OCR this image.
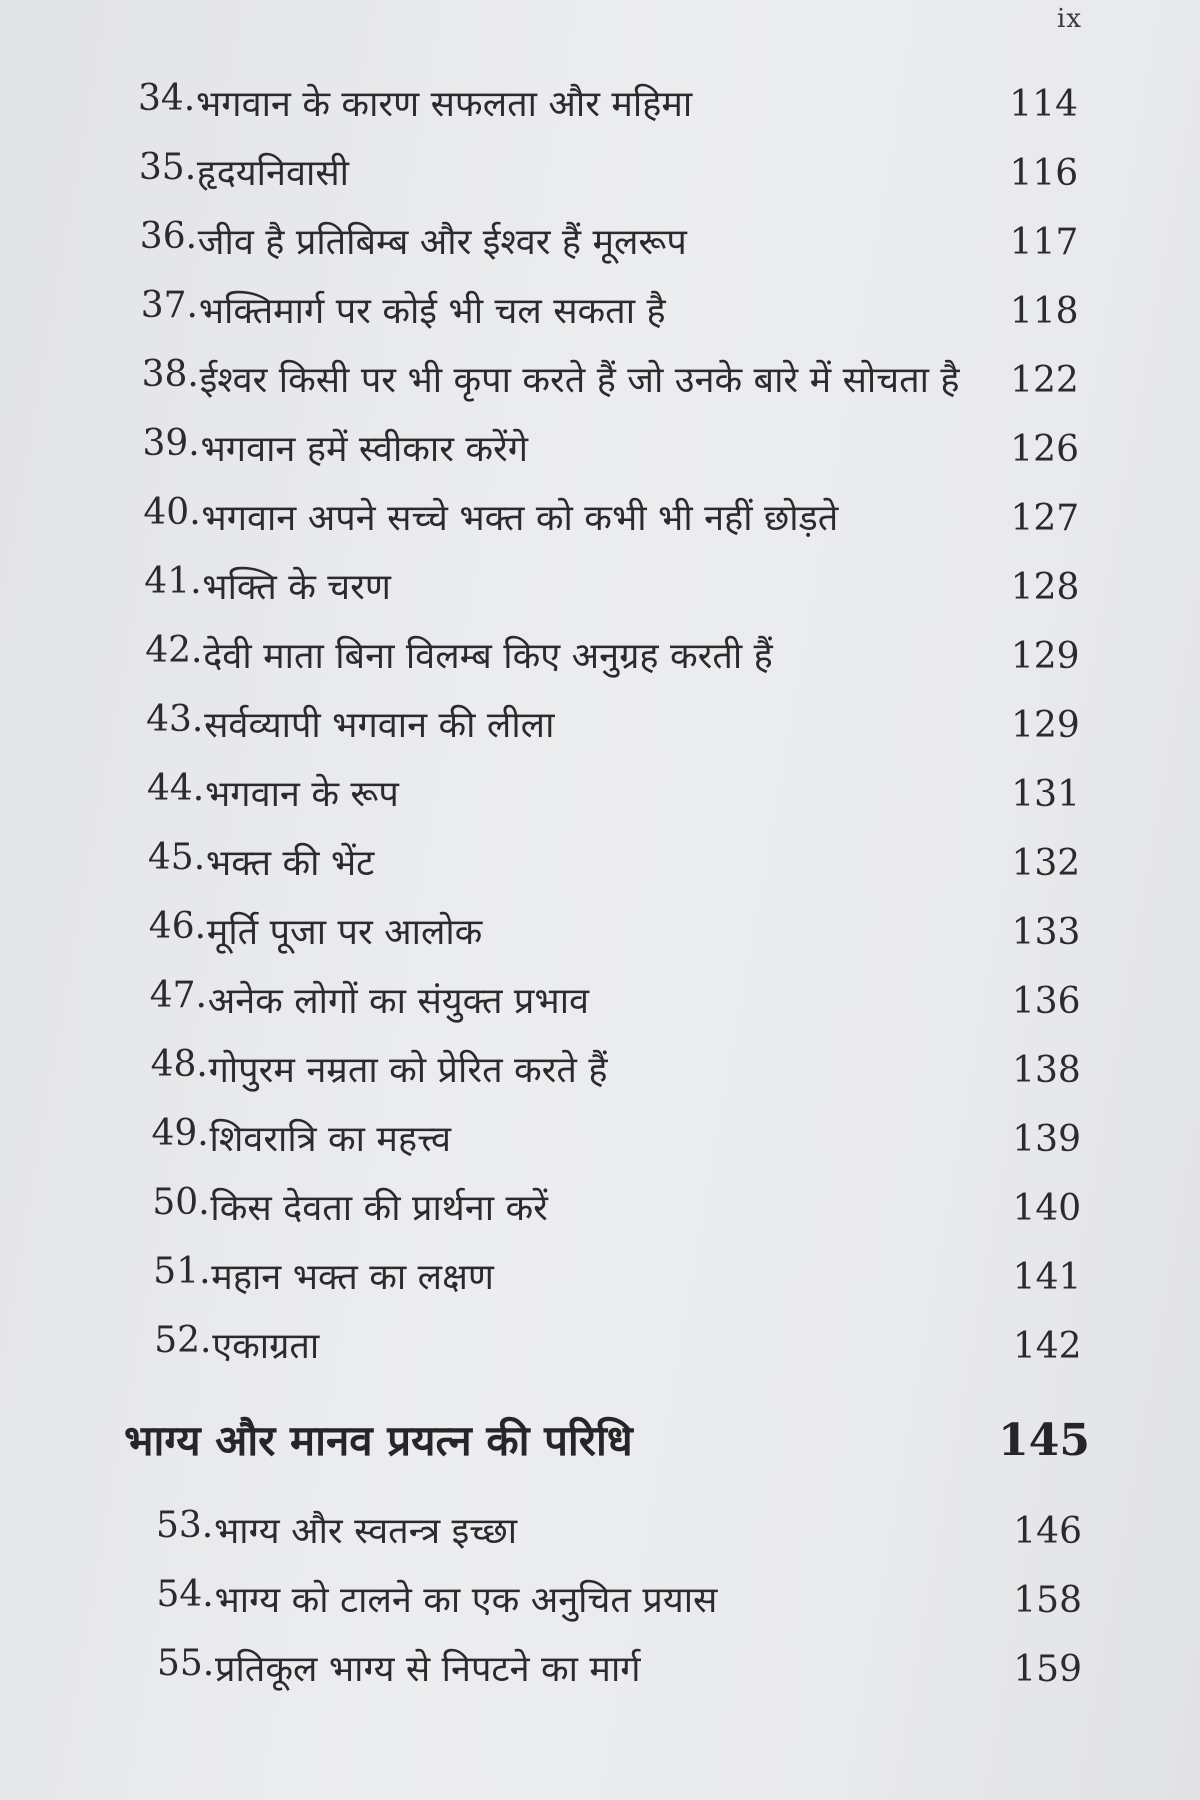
ix
34. भगवान के कारण सफलता और महिमा	114
35. हृदयनिवासी	116
36. जीव है प्रतिबिम्ब और ईश्वर हैं मूलरूप	117
37. भक्तिमार्ग पर कोई भी चल सकता है	118
38. ईश्वर किसी पर भी कृपा करते हैं जो उनके बारे में सोचता है	122
39. भगवान हमें स्वीकार करेंगे	126
40. भगवान अपने सच्चे भक्त को कभी भी नहीं छोड़ते	127
41. भक्ति के चरण	128
42. देवी माता बिना विलम्ब किए अनुग्रह करती हैं	129
43. सर्वव्यापी भगवान की लीला	129
44. भगवान के रूप	131
45. भक्त की भेंट	132
46. मूर्ति पूजा पर आलोक	133
47. अनेक लोगों का संयुक्त प्रभाव	136
48. गोपुरम नम्रता को प्रेरित करते हैं	138
49. शिवरात्रि का महत्त्व	139
50. किस देवता की प्रार्थना करें	140
51. महान भक्त का लक्षण	141
52. एकाग्रता	142
भाग्य और मानव प्रयत्न की परिधि	145
53. भाग्य और स्वतन्त्र इच्छा	146
54. भाग्य को टालने का एक अनुचित प्रयास	158
55. प्रतिकूल भाग्य से निपटने का मार्ग	159
